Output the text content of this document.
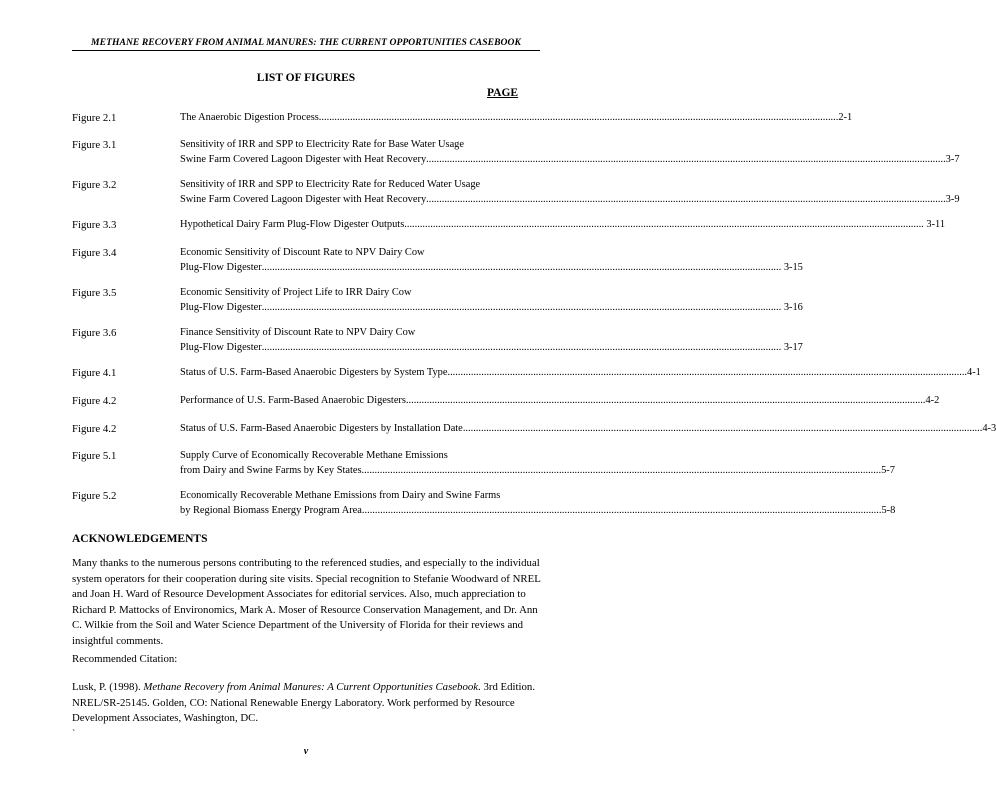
METHANE RECOVERY FROM ANIMAL MANURES: THE CURRENT OPPORTUNITIES CASEBOOK
LIST OF FIGURES
PAGE
Figure 2.1	The Anaerobic Digestion Process ........................................................................................................................................................................................................ 2-1
Figure 3.1	Sensitivity of IRR and SPP to Electricity Rate for Base Water Usage
Swine Farm Covered Lagoon Digester with Heat Recovery ........................................................................................................................................................................................................ 3-7
Figure 3.2	Sensitivity of IRR and SPP to Electricity Rate for Reduced Water Usage
Swine Farm Covered Lagoon Digester with Heat Recovery ........................................................................................................................................................................................................ 3-9
Figure 3.3	Hypothetical Dairy Farm Plug-Flow Digester Outputs ........................................................................................................................................................................................................ 3-11
Figure 3.4	Economic Sensitivity of Discount Rate to NPV Dairy Cow
Plug-Flow Digester ........................................................................................................................................................................................................ 3-15
Figure 3.5	Economic Sensitivity of Project Life to IRR Dairy Cow
Plug-Flow Digester ........................................................................................................................................................................................................ 3-16
Figure 3.6	Finance Sensitivity of Discount Rate to NPV Dairy Cow
Plug-Flow Digester ........................................................................................................................................................................................................ 3-17
Figure 4.1	Status of U.S. Farm-Based Anaerobic Digesters by System Type ........................................................................................................................................................................................................ 4-1
Figure 4.2	Performance of U.S. Farm-Based Anaerobic Digesters ........................................................................................................................................................................................................ 4-2
Figure 4.2	Status of U.S. Farm-Based Anaerobic Digesters by Installation Date ........................................................................................................................................................................................................ 4-3
Figure 5.1	Supply Curve of Economically Recoverable Methane Emissions
from Dairy and Swine Farms by Key States ........................................................................................................................................................................................................ 5-7
Figure 5.2	Economically Recoverable Methane Emissions from Dairy and Swine Farms
by Regional Biomass Energy Program Area ........................................................................................................................................................................................................ 5-8
ACKNOWLEDGEMENTS
Many thanks to the numerous persons contributing to the referenced studies, and especially to the individual system operators for their cooperation during site visits. Special recognition to Stefanie Woodward of NREL and Joan H. Ward of Resource Development Associates for editorial services. Also, much appreciation to Richard P. Mattocks of Environomics, Mark A. Moser of Resource Conservation Management, and Dr. Ann C. Wilkie from the Soil and Water Science Department of the University of Florida for their reviews and insightful comments.
Recommended Citation:
Lusk, P. (1998). Methane Recovery from Animal Manures: A Current Opportunities Casebook. 3rd Edition. NREL/SR-25145. Golden, CO: National Renewable Energy Laboratory. Work performed by Resource Development Associates, Washington, DC.
`
v
